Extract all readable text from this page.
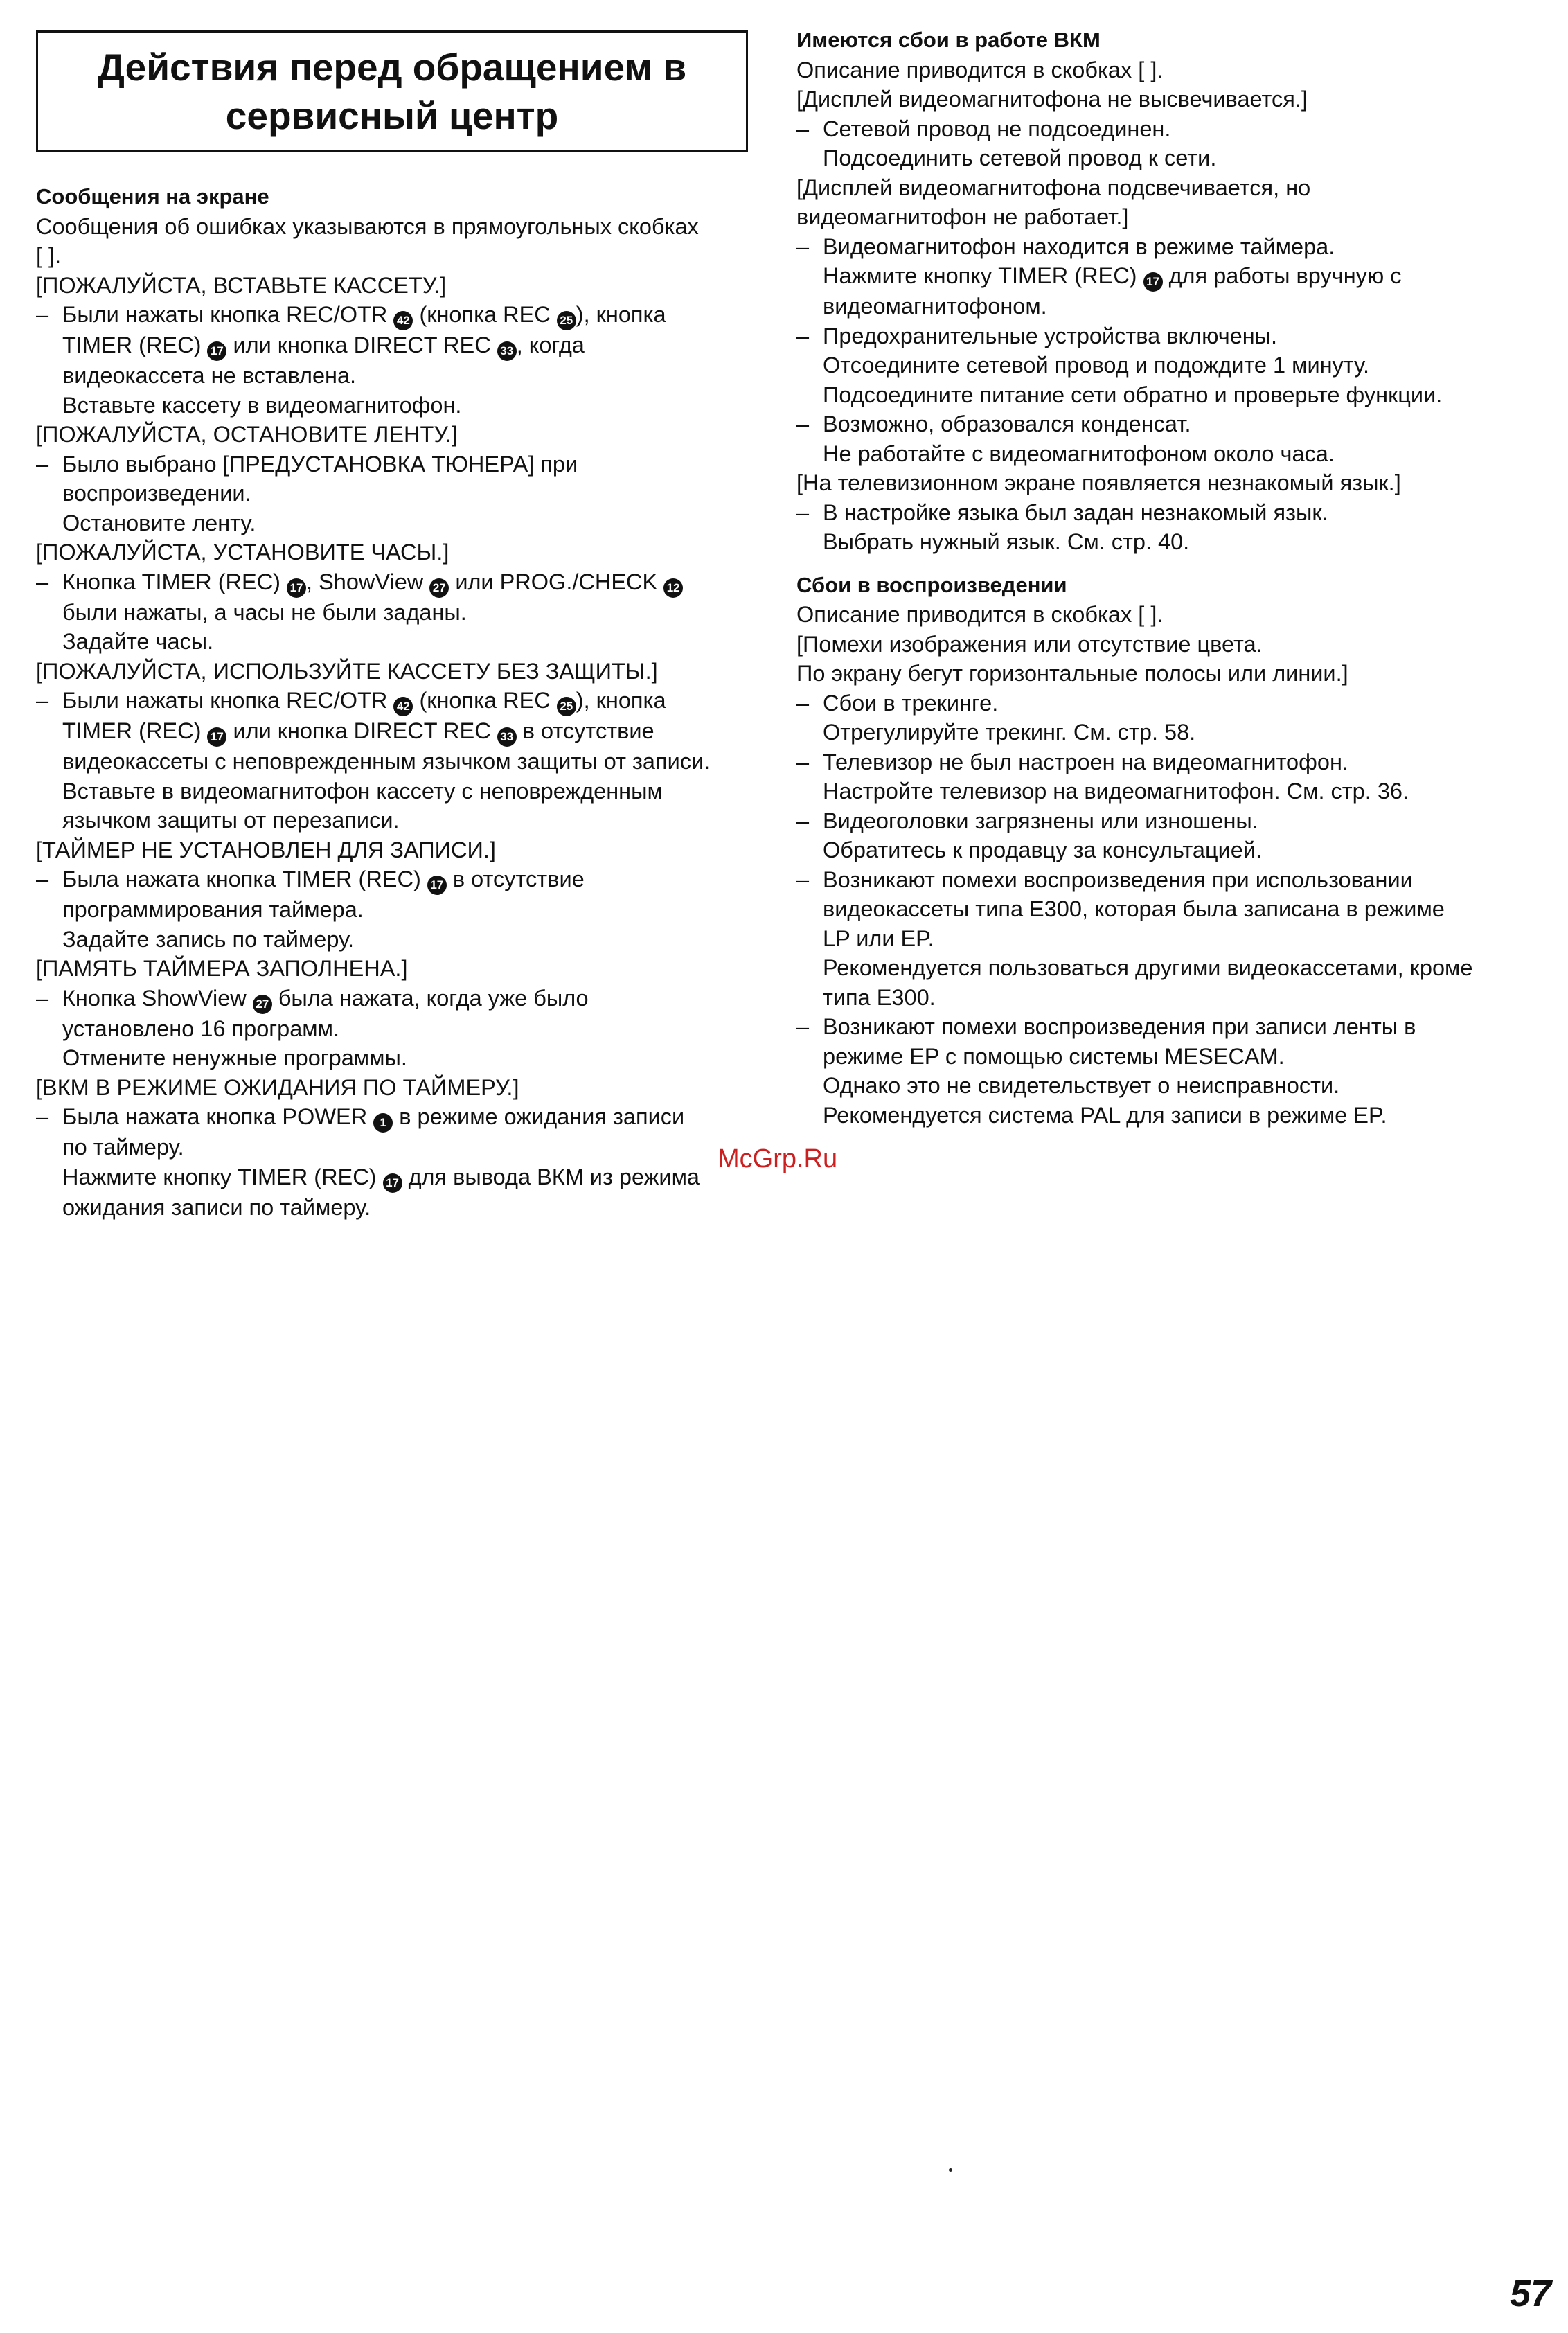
Действия перед обращением в
сервисный центр
Сообщения на экране
Сообщения об ошибках указываются в прямоугольных скобках
[ ].
[ПОЖАЛУЙСТА, ВСТАВЬТЕ КАССЕТУ.]
– Были нажаты кнопка REC/OTR 42 (кнопка REC 25 ), кнопка
TIMER (REC) 17 или кнопка DIRECT REC 33 , когда
видеокассета не вставлена.
Вставьте кассету в видеомагнитофон.
[ПОЖАЛУЙСТА, ОСТАНОВИТЕ ЛЕНТУ.]
– Было выбрано [ПРЕДУСТАНОВКА ТЮНЕРА] при
воспроизведении.
Остановите ленту.
[ПОЖАЛУЙСТА, УСТАНОВИТЕ ЧАСЫ.]
– Кнопка TIMER (REC) 17 , ShowView 27 или PROG./CHECK 12
были нажаты, а часы не были заданы.
Задайте часы.
[ПОЖАЛУЙСТА, ИСПОЛЬЗУЙТЕ КАССЕТУ БЕЗ ЗАЩИТЫ.]
– Были нажаты кнопка REC/OTR 42 (кнопка REC 25 ), кнопка
TIMER (REC) 17 или кнопка DIRECT REC 33 в отсутствие
видеокассеты с неповрежденным язычком защиты от записи.
Вставьте в видеомагнитофон кассету с неповрежденным
язычком защиты от перезаписи.
[ТАЙМЕР НЕ УСТАНОВЛЕН ДЛЯ ЗАПИСИ.]
– Была нажата кнопка TIMER (REC) 17 в отсутствие
программирования таймера.
Задайте запись по таймеру.
[ПАМЯТЬ ТАЙМЕРА ЗАПОЛНЕНА.]
– Кнопка ShowView 27 была нажата, когда уже было
установлено 16 программ.
Отмените ненужные программы.
[ВКМ В РЕЖИМЕ ОЖИДАНИЯ ПО ТАЙМЕРУ.]
– Была нажата кнопка POWER 1 в режиме ожидания записи
по таймеру.
Нажмите кнопку TIMER (REC) 17 для вывода ВКМ из режима
ожидания записи по таймеру.
Имеются сбои в работе ВКМ
Описание приводится в скобках [ ].
[Дисплей видеомагнитофона не высвечивается.]
– Сетевой провод не подсоединен.
Подсоединить сетевой провод к сети.
[Дисплей видеомагнитофона подсвечивается, но
видеомагнитофон не работает.]
– Видеомагнитофон находится в режиме таймера.
Нажмите кнопку TIMER (REC) 17 для работы вручную с
видеомагнитофоном.
– Предохранительные устройства включены.
Отсоедините сетевой провод и подождите 1 минуту.
Подсоедините питание сети обратно и проверьте функции.
– Возможно, образовался конденсат.
Не работайте с видеомагнитофоном около часа.
[На телевизионном экране появляется незнакомый язык.]
– В настройке языка был задан незнакомый язык.
Выбрать нужный язык. См. стр. 40.
Сбои в воспроизведении
Описание приводится в скобках [ ].
[Помехи изображения или отсутствие цвета.
По экрану бегут горизонтальные полосы или линии.]
– Сбои в трекинге.
Отрегулируйте трекинг. См. стр. 58.
– Телевизор не был настроен на видеомагнитофон.
Настройте телевизор на видеомагнитофон. См. стр. 36.
– Видеоголовки загрязнены или изношены.
Обратитесь к продавцу за консультацией.
– Возникают помехи воспроизведения при использовании
видеокассеты типа E300, которая была записана в режиме
LP или EP.
Рекомендуется пользоваться другими видеокассетами, кроме
типа E300.
– Возникают помехи воспроизведения при записи ленты в
режиме EP с помощью системы MESECAM.
Однако это не свидетельствует о неисправности.
Рекомендуется система PAL для записи в режиме EP.
McGrp.Ru
57
